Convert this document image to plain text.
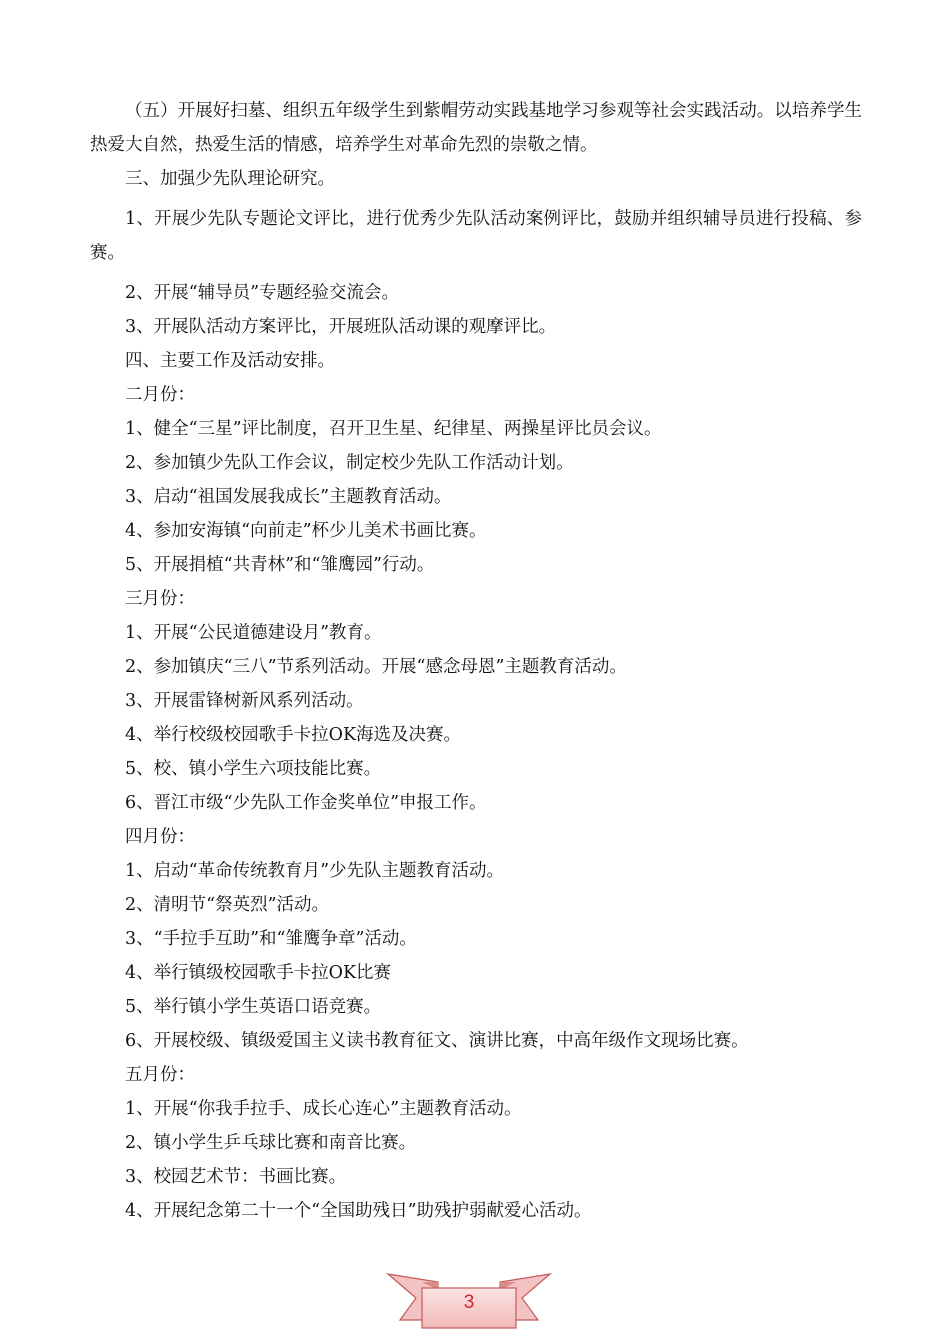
（五）开展好扫墓、组织五年级学生到紫帽劳动实践基地学习参观等社会实践活动。以培养学生热爱大自然，热爱生活的情感，培养学生对革命先烈的崇敬之情。

三、加强少先队理论研究。

1、开展少先队专题论文评比，进行优秀少先队活动案例评比，鼓励并组织辅导员进行投稿、参赛。

2、开展“辅导员”专题经验交流会。

3、开展队活动方案评比，开展班队活动课的观摩评比。

四、主要工作及活动安排。

二月份：

1、健全“三星”评比制度，召开卫生星、纪律星、两操星评比员会议。

2、参加镇少先队工作会议，制定校少先队工作活动计划。

3、启动“祖国发展我成长”主题教育活动。

4、参加安海镇“向前走”杯少儿美术书画比赛。

5、开展捐植“共青林”和“雏鹰园”行动。

三月份：

1、开展“公民道德建设月”教育。

2、参加镇庆“三八”节系列活动。开展“感念母恩”主题教育活动。

3、开展雷锋树新风系列活动。

4、举行校级校园歌手卡拉OK海选及决赛。

5、校、镇小学生六项技能比赛。

6、晋江市级“少先队工作金奖单位”申报工作。

四月份：

1、启动“革命传统教育月”少先队主题教育活动。

2、清明节“祭英烈”活动。

3、“手拉手互助”和“雏鹰争章”活动。

4、举行镇级校园歌手卡拉OK比赛

5、举行镇小学生英语口语竞赛。

6、开展校级、镇级爱国主义读书教育征文、演讲比赛，中高年级作文现场比赛。

五月份：

1、开展“你我手拉手、成长心连心”主题教育活动。

2、镇小学生乒乓球比赛和南音比赛。

3、校园艺术节：书画比赛。

4、开展纪念第二十一个“全国助残日”助残护弱献爱心活动。

3
